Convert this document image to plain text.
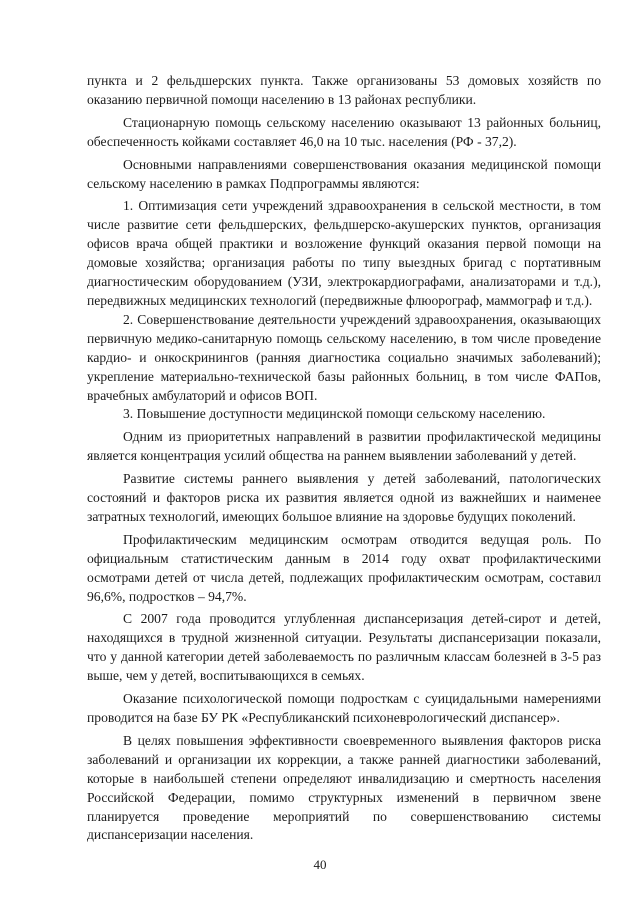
пункта и 2 фельдшерских пункта. Также организованы 53 домовых хозяйств по оказанию первичной помощи населению в 13 районах республики.

Стационарную помощь сельскому населению оказывают 13 районных больниц, обеспеченность койками составляет 46,0 на 10 тыс. населения (РФ - 37,2).

Основными направлениями совершенствования оказания медицинской помощи сельскому населению в рамках Подпрограммы являются:

1. Оптимизация сети учреждений здравоохранения в сельской местности, в том числе развитие сети фельдшерских, фельдшерско-акушерских пунктов, организация офисов врача общей практики и возложение функций оказания первой помощи на домовые хозяйства; организация работы по типу выездных бригад с портативным диагностическим оборудованием (УЗИ, электрокардиографами, анализаторами и т.д.), передвижных медицинских технологий (передвижные флюорограф, маммограф и т.д.).

2. Совершенствование деятельности учреждений здравоохранения, оказывающих первичную медико-санитарную помощь сельскому населению, в том числе проведение кардио- и онкоскринингов (ранняя диагностика социально значимых заболеваний); укрепление материально-технической базы районных больниц, в том числе ФАПов, врачебных амбулаторий и офисов ВОП.

3. Повышение доступности медицинской помощи сельскому населению.

Одним из приоритетных направлений в развитии профилактической медицины является концентрация усилий общества на раннем выявлении заболеваний у детей.

Развитие системы раннего выявления у детей заболеваний, патологических состояний и факторов риска их развития является одной из важнейших и наименее затратных технологий, имеющих большое влияние на здоровье будущих поколений.

Профилактическим медицинским осмотрам отводится ведущая роль. По официальным статистическим данным в 2014 году охват профилактическими осмотрами детей от числа детей, подлежащих профилактическим осмотрам, составил 96,6%, подростков – 94,7%.

С 2007 года проводится углубленная диспансеризация детей-сирот и детей, находящихся в трудной жизненной ситуации. Результаты диспансеризации показали, что у данной категории детей заболеваемость по различным классам болезней в 3-5 раз выше, чем у детей, воспитывающихся в семьях.

Оказание психологической помощи подросткам с суицидальными намерениями проводится на базе БУ РК «Республиканский психоневрологический диспансер».

В целях повышения эффективности своевременного выявления факторов риска заболеваний и организации их коррекции, а также ранней диагностики заболеваний, которые в наибольшей степени определяют инвалидизацию и смертность населения Российской Федерации, помимо структурных изменений в первичном звене планируется проведение мероприятий по совершенствованию системы диспансеризации населения.

40
